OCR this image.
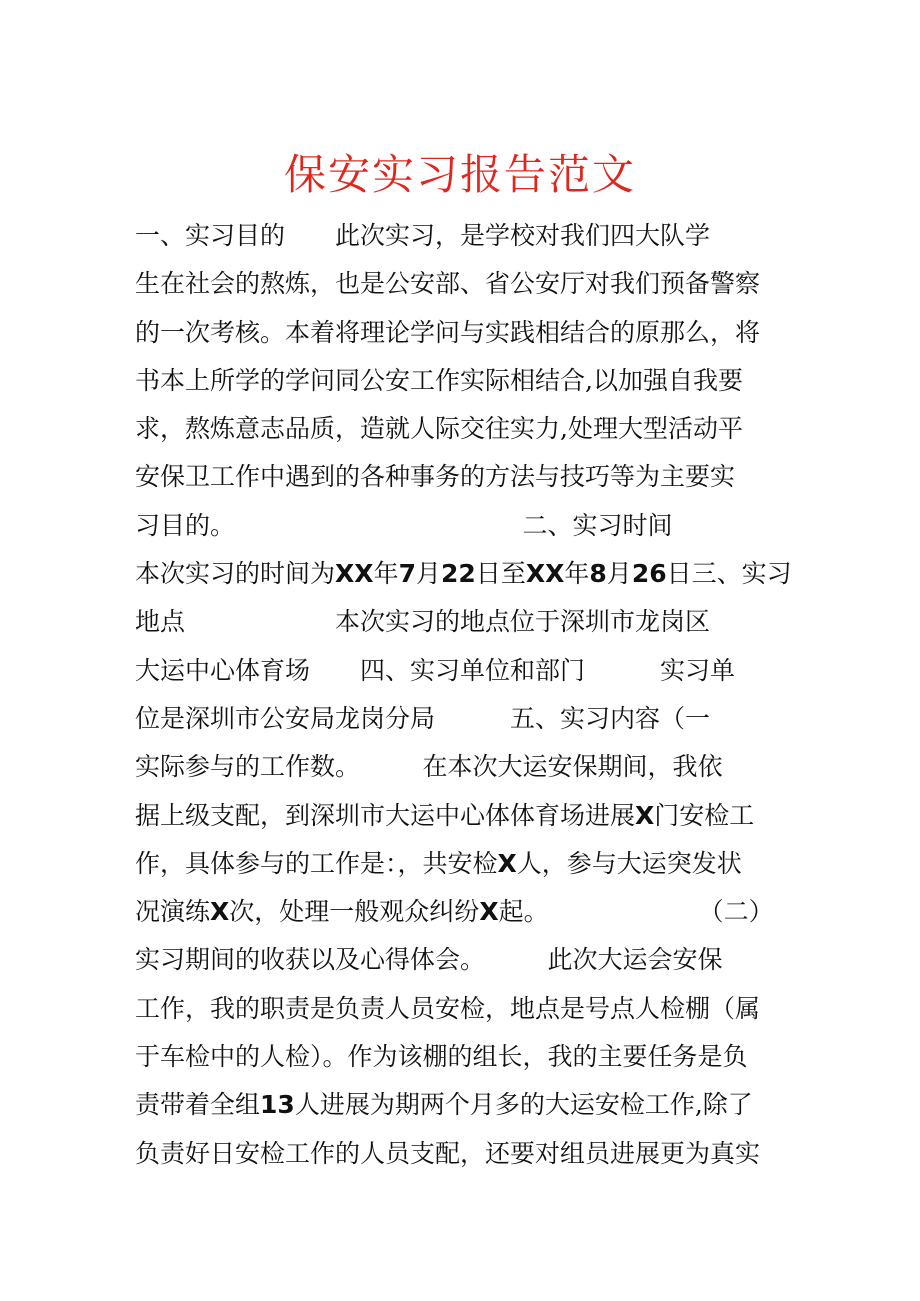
保安实习报告范文
一、实习目的　　此次实习，是学校对我们四大队学
生在社会的熬炼，也是公安部、省公安厅对我们预备警察
的一次考核。本着将理论学问与实践相结合的原那么，将
书本上所学的学问同公安工作实际相结合,以加强自我要
求，熬炼意志品质，造就人际交往实力,处理大型活动平
安保卫工作中遇到的各种事务的方法与技巧等为主要实
习目的。　　　　　　　　　　　　二、实习时间
本次实习的时间为XX年7月22日至XX年8月26日三、实习
地点　　　　　　本次实习的地点位于深圳市龙岗区
大运中心体育场　　四、实习单位和部门　　　实习单
位是深圳市公安局龙岗分局　　　五、实习内容（一
实际参与的工作数。　　　在本次大运安保期间，我依
据上级支配，到深圳市大运中心体体育场进展X门安检工
作，具体参与的工作是：，共安检X人，参与大运突发状
况演练X次，处理一般观众纠纷X起。　　　　　　　（二）
实习期间的收获以及心得体会。　　　此次大运会安保
工作，我的职责是负责人员安检，地点是号点人检棚（属
于车检中的人检）。作为该棚的组长，我的主要任务是负
责带着全组13人进展为期两个月多的大运安检工作,除了
负责好日安检工作的人员支配，还要对组员进展更为真实
